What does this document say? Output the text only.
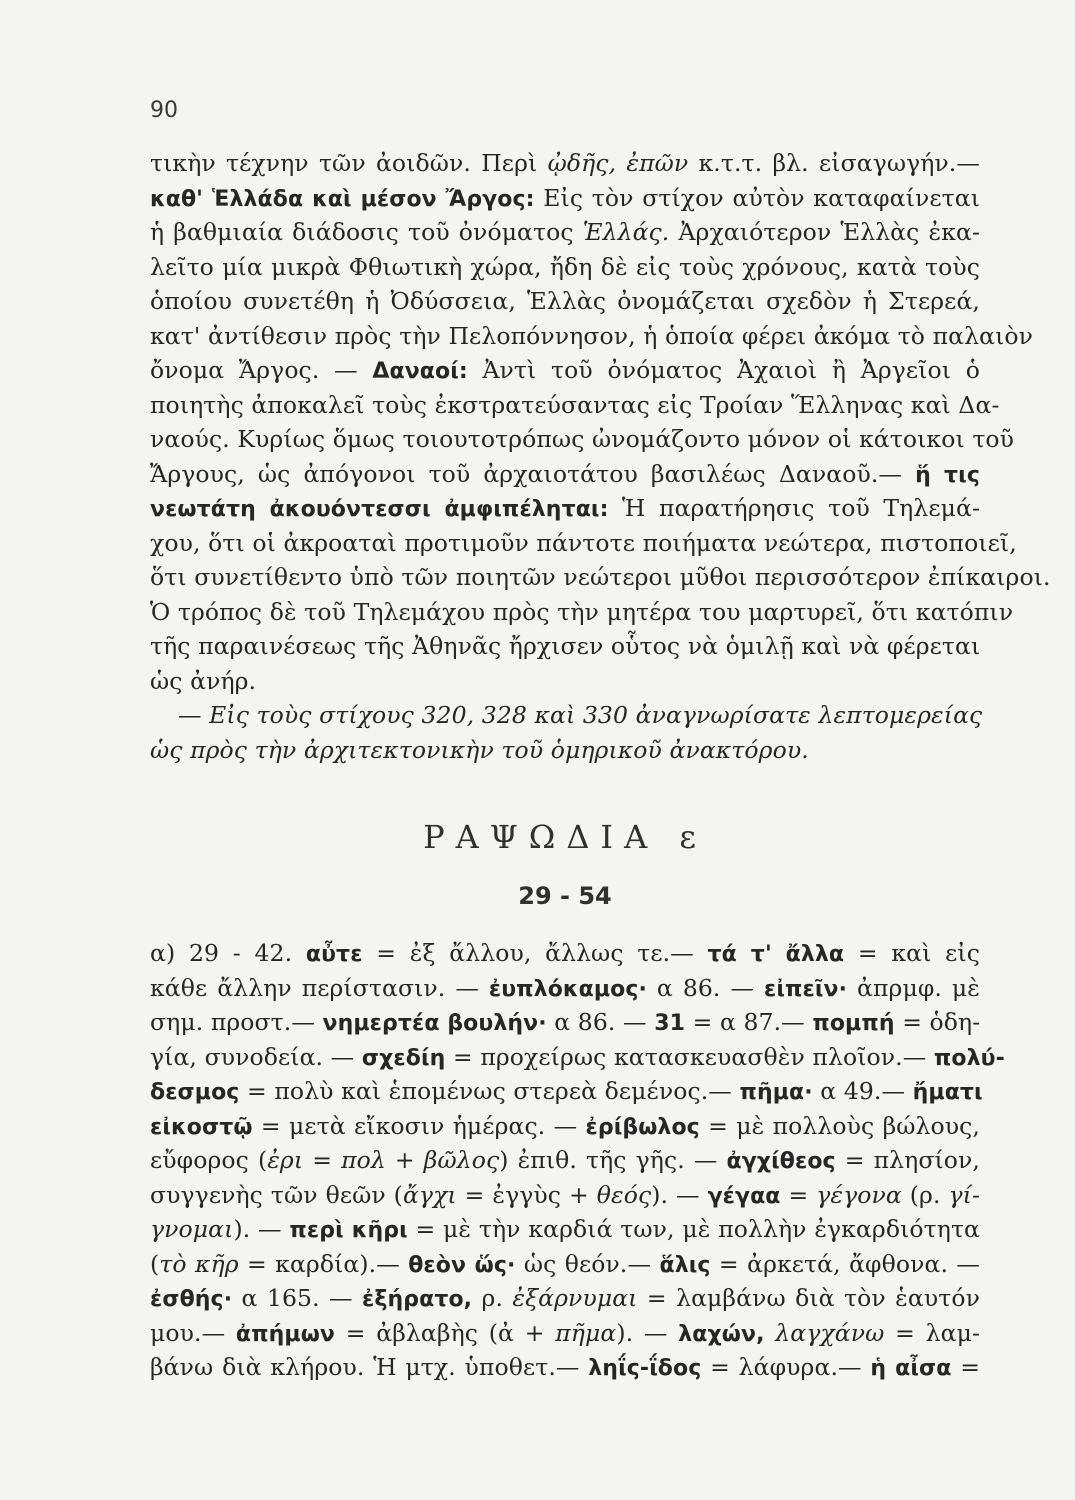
90
τικὴν τέχνην τῶν ἀοιδῶν. Περὶ ᾠδῆς, ἐπῶν κ.τ.τ. βλ. εἰσαγωγήν.—
καθ' Ἑλλάδα καὶ μέσον Ἄργος: Εἰς τὸν στίχον αὐτὸν καταφαίνεται
ἡ βαθμιαία διάδοσις τοῦ ὀνόματος Ἑλλάς. Ἀρχαιότερον Ἑλλὰς ἐκα-
λεῖτο μία μικρὰ Φθιωτικὴ χώρα, ἤδη δὲ εἰς τοὺς χρόνους, κατὰ τοὺς
ὁποίου συνετέθη ἡ Ὀδύσσεια, Ἑλλὰς ὀνομάζεται σχεδὸν ἡ Στερεά,
κατ' ἀντίθεσιν πρὸς τὴν Πελοπόννησον, ἡ ὁποία φέρει ἀκόμα τὸ παλαιὸν
ὄνομα Ἄργος. — Δαναοί: Ἀντὶ τοῦ ὀνόματος Ἀχαιοὶ ἢ Ἀργεῖοι ὁ
ποιητὴς ἀποκαλεῖ τοὺς ἐκστρατεύσαντας εἰς Τροίαν Ἕλληνας καὶ Δα-
ναούς. Κυρίως ὅμως τοιουτοτρόπως ὠνομάζοντο μόνον οἱ κάτοικοι τοῦ
Ἄργους, ὡς ἀπόγονοι τοῦ ἀρχαιοτάτου βασιλέως Δαναοῦ.— ἥ τις
νεωτάτη ἀκουόντεσσι ἀμφιπέληται: Ἡ παρατήρησις τοῦ Τηλεμά-
χου, ὅτι οἱ ἀκροαταὶ προτιμοῦν πάντοτε ποιήματα νεώτερα, πιστοποιεῖ,
ὅτι συνετίθεντο ὑπὸ τῶν ποιητῶν νεώτεροι μῦθοι περισσότερον ἐπίκαιροι.
Ὁ τρόπος δὲ τοῦ Τηλεμάχου πρὸς τὴν μητέρα του μαρτυρεῖ, ὅτι κατόπιν
τῆς παραινέσεως τῆς Ἀθηνᾶς ἤρχισεν οὗτος νὰ ὁμιλῇ καὶ νὰ φέρεται
ὡς ἀνήρ.
— Εἰς τοὺς στίχους 320, 328 καὶ 330 ἀναγνωρίσατε λεπτομερείας
ὡς πρὸς τὴν ἀρχιτεκτονικὴν τοῦ ὁμηρικοῦ ἀνακτόρου.
ΡΑΨΩΔΙΑ ε
29 - 54
α) 29 - 42. αὖτε = ἐξ ἄλλου, ἄλλως τε.— τά τ' ἄλλα = καὶ εἰς
κάθε ἄλλην περίστασιν. — ἐυπλόκαμος· α 86. — εἰπεῖν· ἀπρμφ. μὲ
σημ. προστ.— νημερτέα βουλήν· α 86. — 31 = α 87.— πομπή = ὁδη-
γία, συνοδεία. — σχεδίη = προχείρως κατασκευασθὲν πλοῖον.— πολύ-
δεσμος = πολὺ καὶ ἑπομένως στερεὰ δεμένος.— πῆμα· α 49.— ἤματι
εἰκοστῷ = μετὰ εἴκοσιν ἡμέρας. — ἐρίβωλος = μὲ πολλοὺς βώλους,
εὔφορος (ἐρι = πολ + βῶλος) ἐπιθ. τῆς γῆς. — ἀγχίθεος = πλησίον,
συγγενὴς τῶν θεῶν (ἄγχι = ἐγγὺς + θεός). — γέγαα = γέγονα (ρ. γί-
γνομαι). — περὶ κῆρι = μὲ τὴν καρδιά των, μὲ πολλὴν ἐγκαρδιότητα
(τὸ κῆρ = καρδία).— θεὸν ὥς· ὡς θεόν.— ἅλις = ἀρκετά, ἄφθονα. —
ἐσθής· α 165. — ἐξήρατο, ρ. ἐξάρνυμαι = λαμβάνω διὰ τὸν ἑαυτόν
μου.— ἀπήμων = ἀβλαβὴς (ἀ + πῆμα). — λαχών, λαγχάνω = λαμ-
βάνω διὰ κλήρου. Ἡ μτχ. ὑποθετ.— ληΐς-ΐδος = λάφυρα.— ἡ αἶσα =
